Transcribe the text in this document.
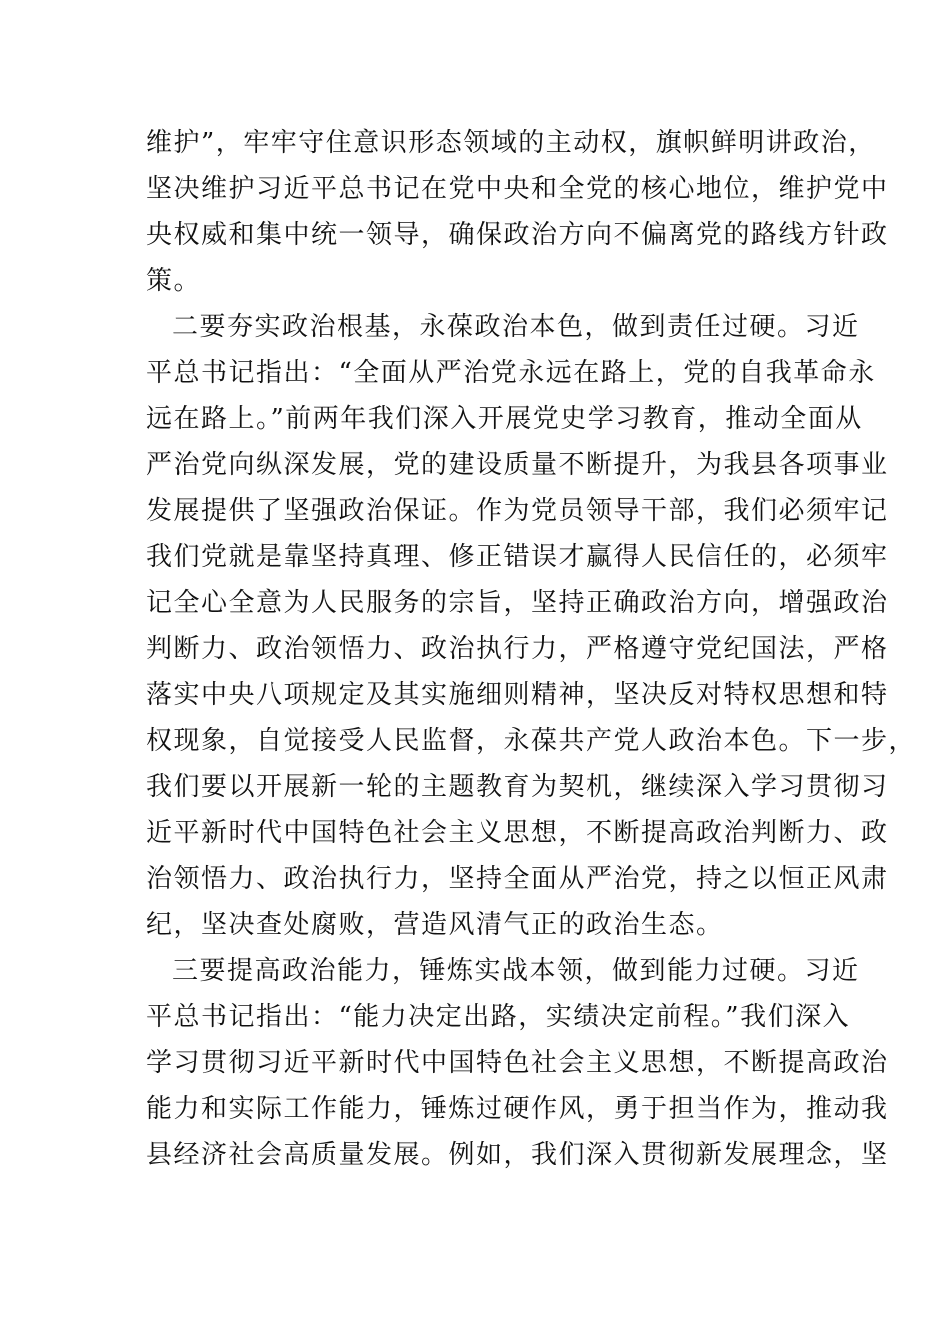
维护”，牢牢守住意识形态领域的主动权，旗帜鲜明讲政治，
坚决维护习近平总书记在党中央和全党的核心地位，维护党中
央权威和集中统一领导，确保政治方向不偏离党的路线方针政
策。
二要夯实政治根基，永葆政治本色，做到责任过硬。习近
平总书记指出：“全面从严治党永远在路上，党的自我革命永
远在路上。”前两年我们深入开展党史学习教育，推动全面从
严治党向纵深发展，党的建设质量不断提升，为我县各项事业
发展提供了坚强政治保证。作为党员领导干部，我们必须牢记
我们党就是靠坚持真理、修正错误才赢得人民信任的，必须牢
记全心全意为人民服务的宗旨，坚持正确政治方向，增强政治
判断力、政治领悟力、政治执行力，严格遵守党纪国法，严格
落实中央八项规定及其实施细则精神，坚决反对特权思想和特
权现象，自觉接受人民监督，永葆共产党人政治本色。下一步，
我们要以开展新一轮的主题教育为契机，继续深入学习贯彻习
近平新时代中国特色社会主义思想，不断提高政治判断力、政
治领悟力、政治执行力，坚持全面从严治党，持之以恒正风肃
纪，坚决查处腐败，营造风清气正的政治生态。
三要提高政治能力，锤炼实战本领，做到能力过硬。习近
平总书记指出：“能力决定出路，实绩决定前程。”我们深入
学习贯彻习近平新时代中国特色社会主义思想，不断提高政治
能力和实际工作能力，锤炼过硬作风，勇于担当作为，推动我
县经济社会高质量发展。例如，我们深入贯彻新发展理念，坚
